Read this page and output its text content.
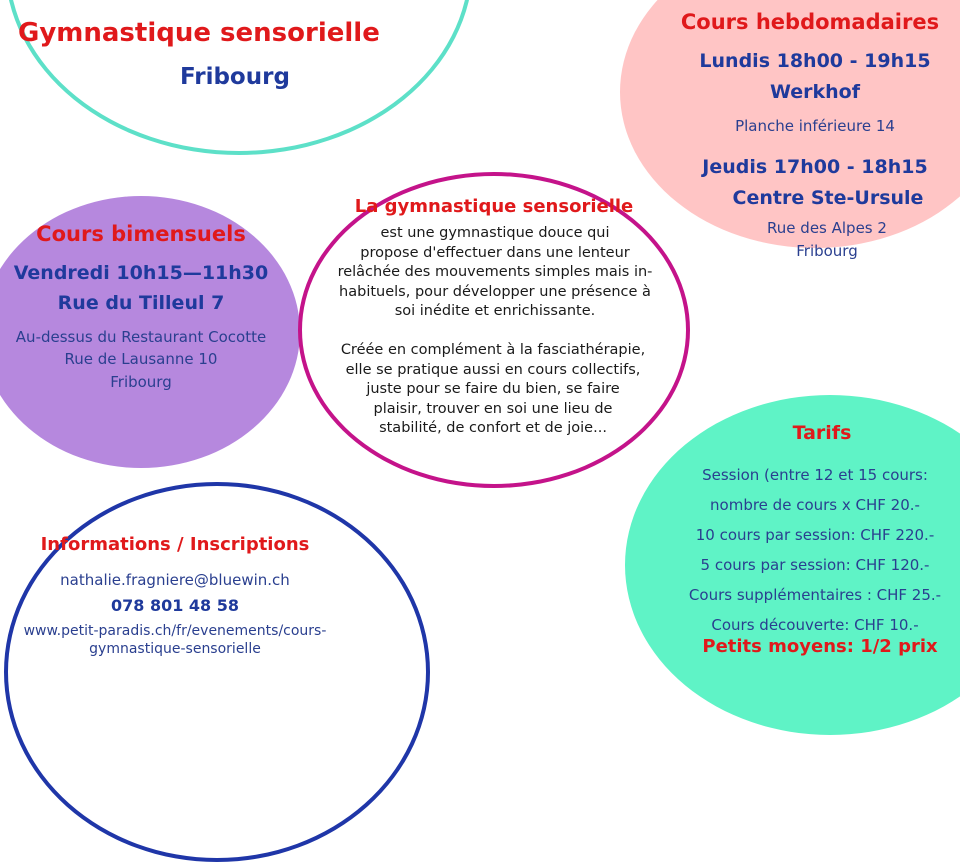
Gymnastique sensorielle
Fribourg
Cours hebdomadaires
Lundis 18h00 - 19h15
Werkhof
Planche inférieure 14
Jeudis 17h00 - 18h15
Centre Ste-Ursule
Rue des Alpes 2
Fribourg
Cours bimensuels
Vendredi 10h15—11h30
Rue du Tilleul 7
Au-dessus du Restaurant Cocotte
Rue de Lausanne 10
Fribourg
La gymnastique sensorielle
est une gymnastique douce qui
propose d'effectuer dans une lenteur
relâchée des mouvements simples mais in-
habituels, pour développer une présence à
soi inédite et enrichissante.
Créée en complément à la fasciathérapie,
elle se pratique aussi en cours collectifs,
juste pour se faire du bien, se faire
plaisir, trouver en soi une lieu de
stabilité, de confort et de joie...	Tarifs
Session (entre 12 et 15 cours:
nombre de cours x CHF 20.-
10 cours par session: CHF 220.-
5 cours par session: CHF 120.-
Cours supplémentaires : CHF 25.-
Cours découverte: CHF 10.-
Petits moyens: 1/2 prix
Informations / Inscriptions
nathalie.fragniere@bluewin.ch
078 801 48 58
www.petit-paradis.ch/fr/evenements/cours-
gymnastique-sensorielle
